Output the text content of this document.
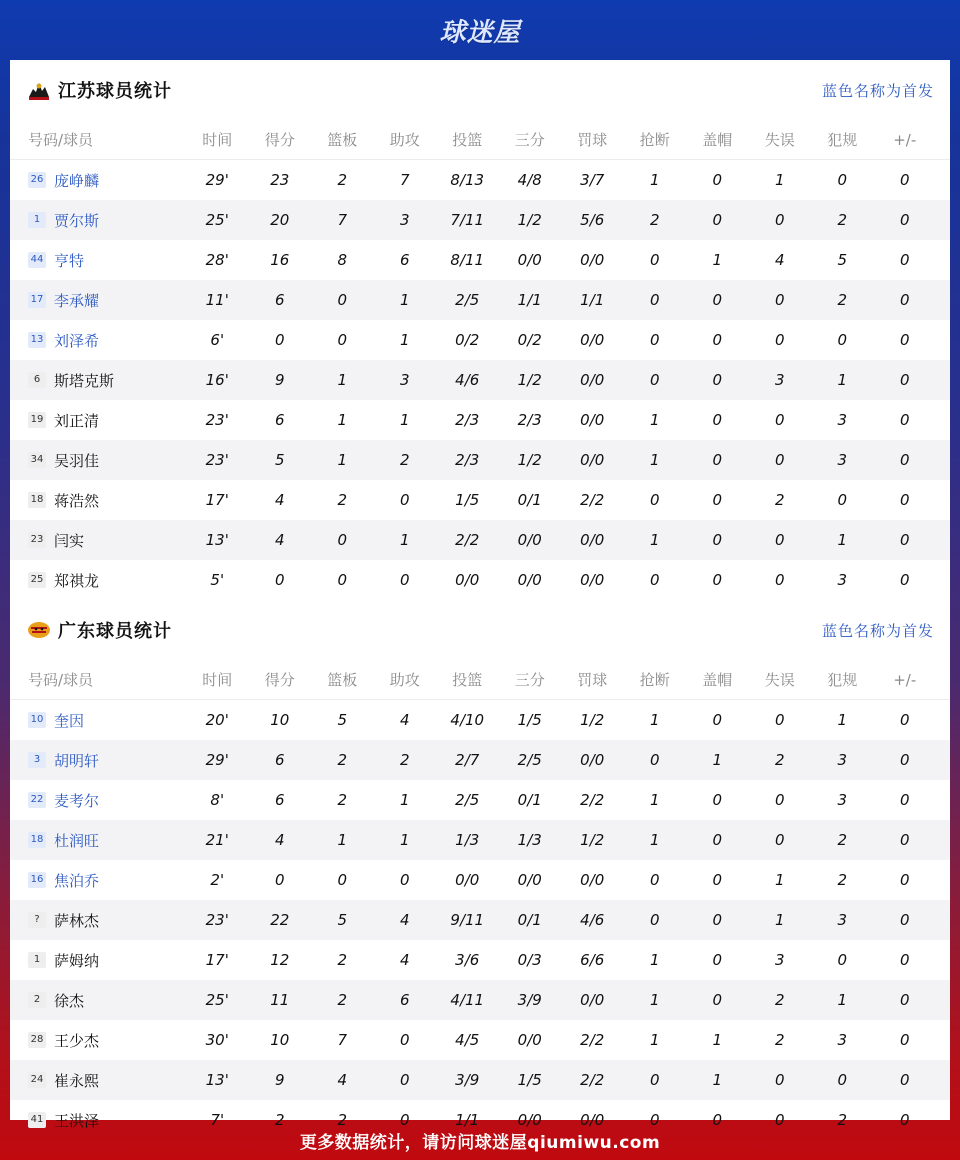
球迷屋
江苏球员统计	蓝色名称为首发
号码/球员	时间	得分	篮板	助攻	投篮	三分	罚球	抢断	盖帽	失误	犯规	+/-
26 庞峥麟	29'	23	2	7	8/13	4/8	3/7	1	0	1	0	0
1 贾尔斯	25'	20	7	3	7/11	1/2	5/6	2	0	0	2	0
44 亨特	28'	16	8	6	8/11	0/0	0/0	0	1	4	5	0
17 李承耀	11'	6	0	1	2/5	1/1	1/1	0	0	0	2	0
13 刘泽希	6'	0	0	1	0/2	0/2	0/0	0	0	0	0	0
6 斯塔克斯	16'	9	1	3	4/6	1/2	0/0	0	0	3	1	0
19 刘正清	23'	6	1	1	2/3	2/3	0/0	1	0	0	3	0
34 吴羽佳	23'	5	1	2	2/3	1/2	0/0	1	0	0	3	0
18 蒋浩然	17'	4	2	0	1/5	0/1	2/2	0	0	2	0	0
23 闫实	13'	4	0	1	2/2	0/0	0/0	1	0	0	1	0
25 郑祺龙	5'	0	0	0	0/0	0/0	0/0	0	0	0	3	0
广东球员统计	蓝色名称为首发
号码/球员	时间	得分	篮板	助攻	投篮	三分	罚球	抢断	盖帽	失误	犯规	+/-
10 奎因	20'	10	5	4	4/10	1/5	1/2	1	0	0	1	0
3 胡明轩	29'	6	2	2	2/7	2/5	0/0	0	1	2	3	0
22 麦考尔	8'	6	2	1	2/5	0/1	2/2	1	0	0	3	0
18 杜润旺	21'	4	1	1	1/3	1/3	1/2	1	0	0	2	0
16 焦泊乔	2'	0	0	0	0/0	0/0	0/0	0	0	1	2	0
? 萨林杰	23'	22	5	4	9/11	0/1	4/6	0	0	1	3	0
1 萨姆纳	17'	12	2	4	3/6	0/3	6/6	1	0	3	0	0
2 徐杰	25'	11	2	6	4/11	3/9	0/0	1	0	2	1	0
28 王少杰	30'	10	7	0	4/5	0/0	2/2	1	1	2	3	0
24 崔永熙	13'	9	4	0	3/9	1/5	2/2	0	1	0	0	0
41 王洪泽	7'	2	2	0	1/1	0/0	0/0	0	0	0	2	0
更多数据统计，请访问球迷屋qiumiwu.com
